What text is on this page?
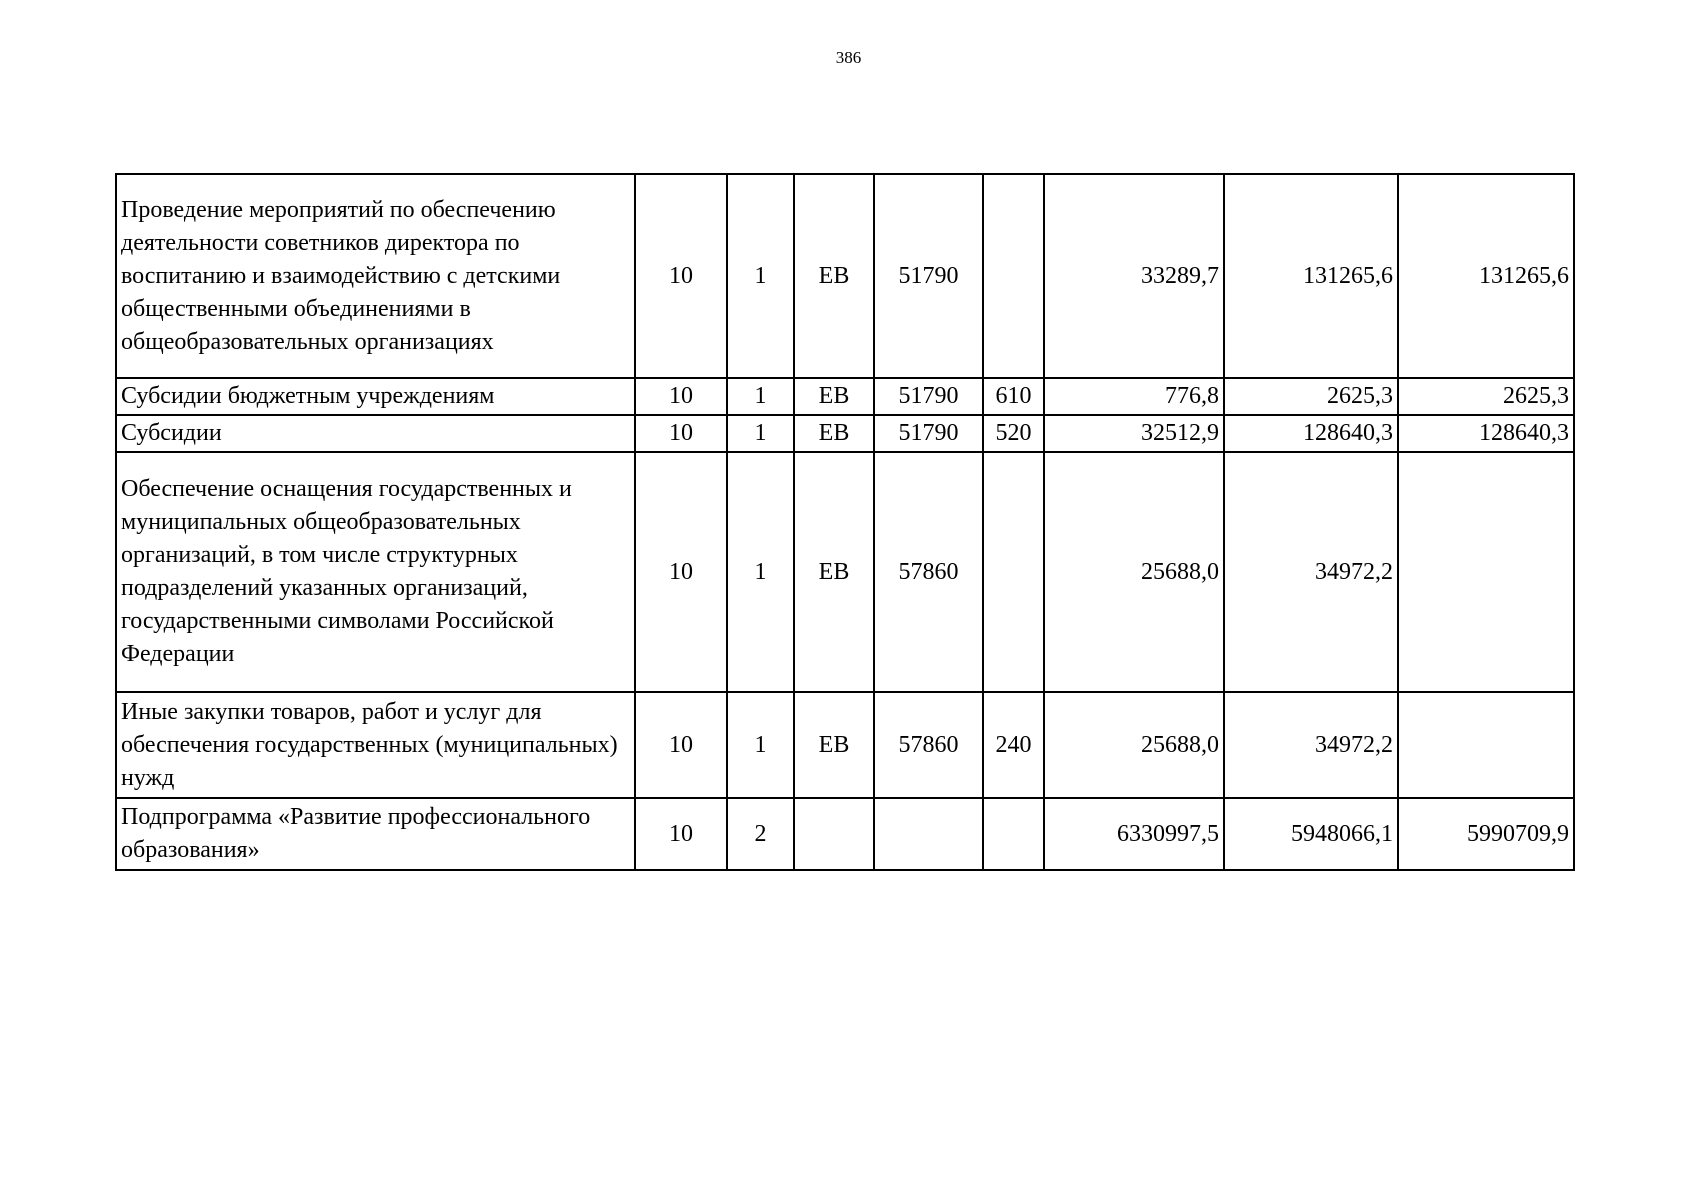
386
Проведение мероприятий по обеспечению деятельности советников директора по воспитанию и взаимодействию с детскими общественными объединениями в общеобразовательных организациях	10	1	ЕВ	51790		33289,7	131265,6	131265,6
Субсидии бюджетным учреждениям	10	1	ЕВ	51790	610	776,8	2625,3	2625,3
Субсидии	10	1	ЕВ	51790	520	32512,9	128640,3	128640,3
Обеспечение оснащения государственных и муниципальных общеобразовательных организаций, в том числе структурных подразделений указанных организаций, государственными символами Российской Федерации	10	1	ЕВ	57860		25688,0	34972,2	
Иные закупки товаров, работ и услуг для обеспечения государственных (муниципальных) нужд	10	1	ЕВ	57860	240	25688,0	34972,2	
Подпрограмма «Развитие профессионального образования»	10	2				6330997,5	5948066,1	5990709,9
